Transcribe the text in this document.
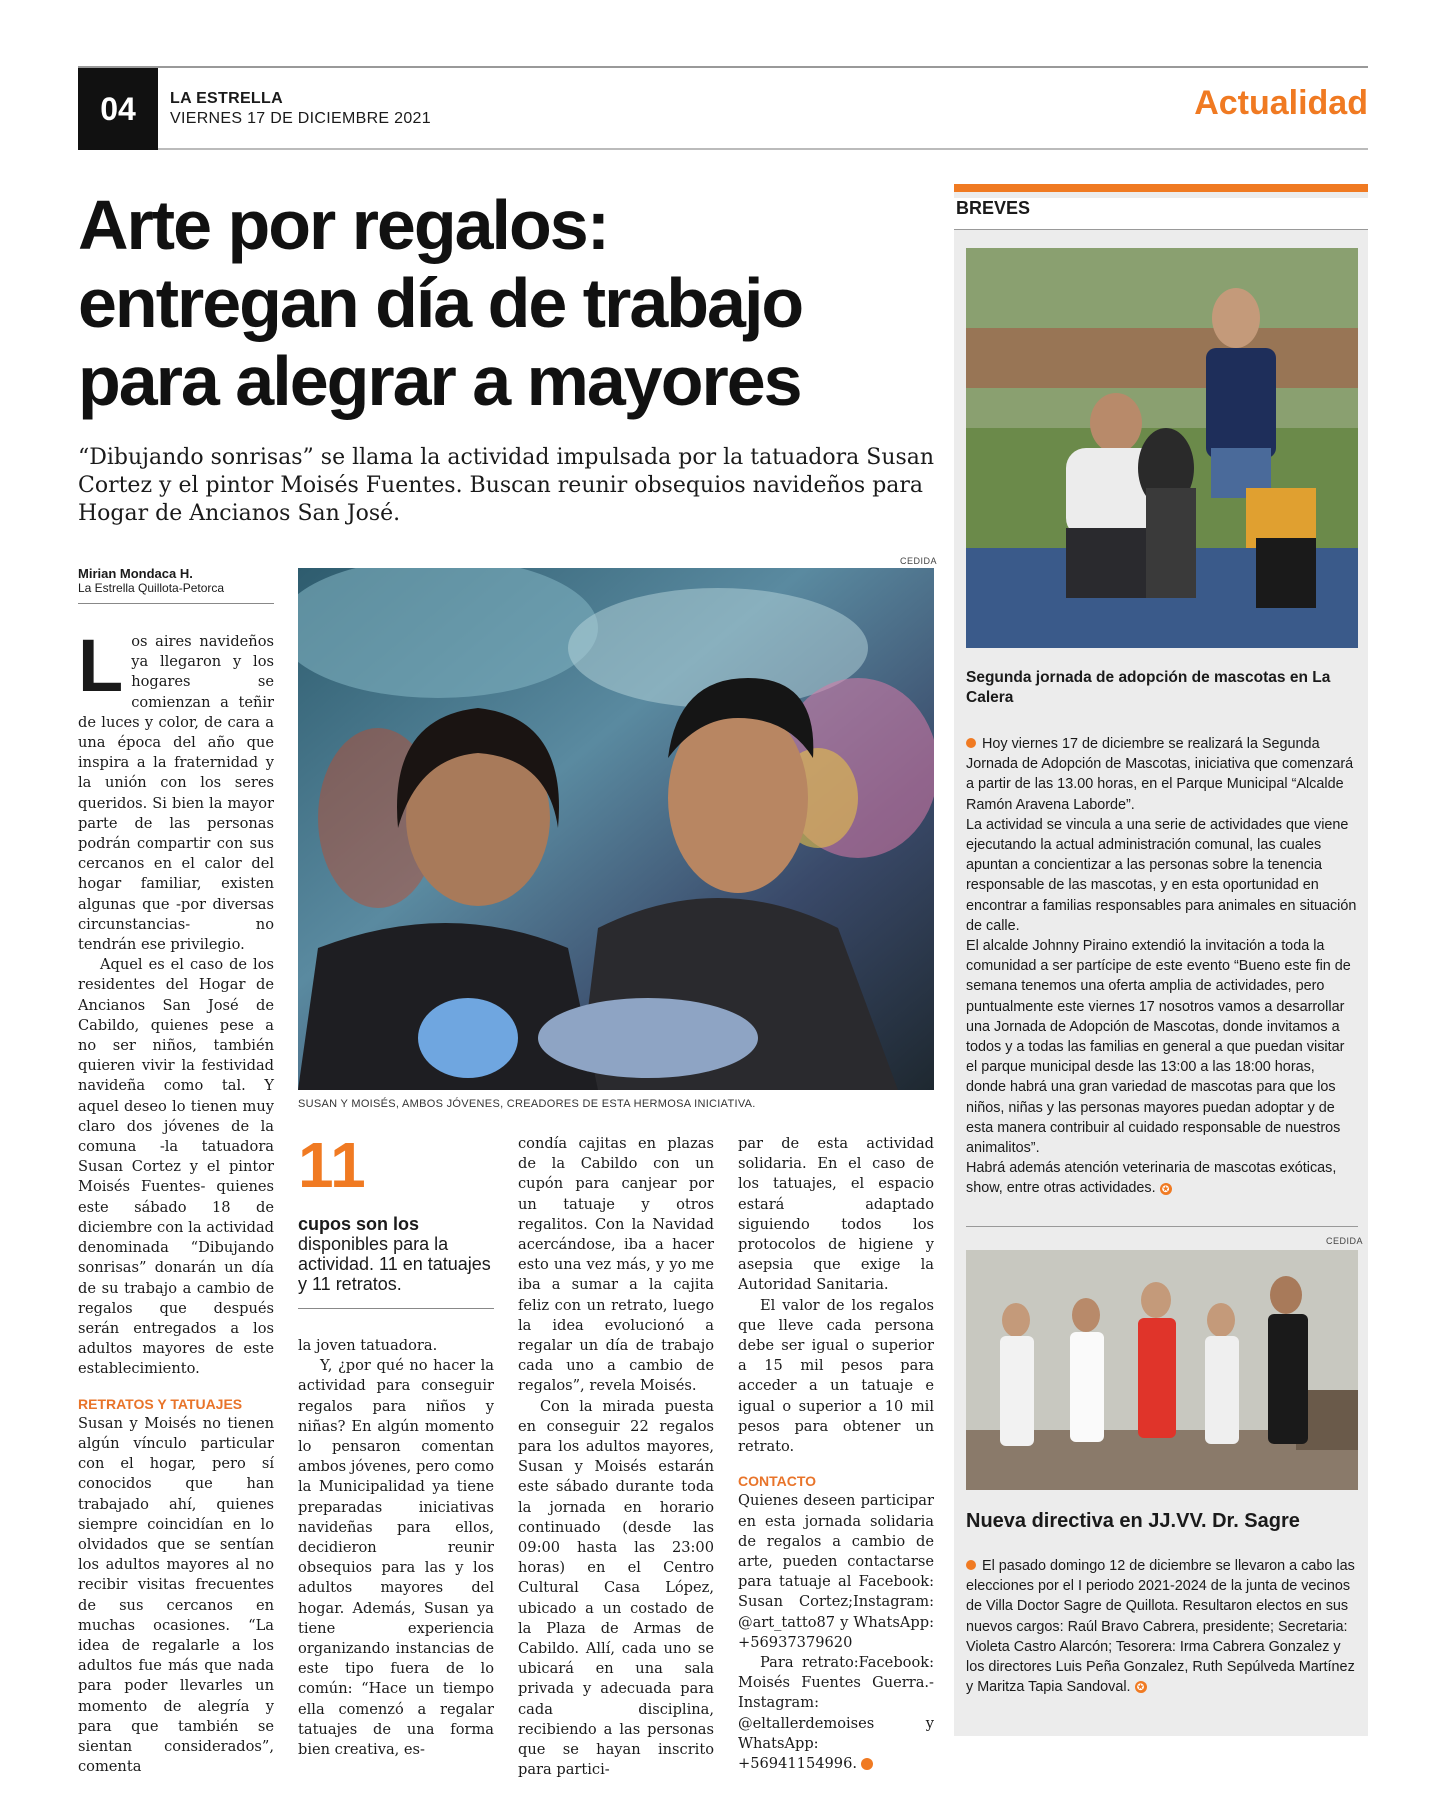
04	LA ESTRELLA
VIERNES 17 DE DICIEMBRE 2021	Actualidad
Arte por regalos:
entregan día de trabajo
para alegrar a mayores
“Dibujando sonrisas” se llama la actividad impulsada por la tatuadora Susan Cortez y el pintor Moisés Fuentes. Buscan reunir obsequios navideños para Hogar de Ancianos San José.
Mirian Mondaca H.
La Estrella Quillota-Petorca

Los aires navideños ya llegaron y los hogares se comienzan a teñir de luces y color, de cara a una época del año que inspira a la fraternidad y la unión con los seres queridos. Si bien la mayor parte de las personas podrán compartir con sus cercanos en el calor del hogar familiar, existen algunas que -por diversas circunstancias- no tendrán ese privilegio.

Aquel es el caso de los residentes del Hogar de Ancianos San José de Cabildo, quienes pese a no ser niños, también quieren vivir la festividad navideña como tal. Y aquel deseo lo tienen muy claro dos jóvenes de la comuna -la tatuadora Susan Cortez y el pintor Moisés Fuentes- quienes este sábado 18 de diciembre con la actividad denominada “Dibujando sonrisas” donarán un día de su trabajo a cambio de regalos que después serán entregados a los adultos mayores de este establecimiento.

RETRATOS Y TATUAJES

Susan y Moisés no tienen algún vínculo particular con el hogar, pero sí conocidos que han trabajado ahí, quienes siempre coincidían en lo olvidados que se sentían los adultos mayores al no recibir visitas frecuentes de sus cercanos en muchas ocasiones. “La idea de regalarle a los adultos fue más que nada para poder llevarles un momento de alegría y para que también se sientan considerados”, comenta

CEDIDA
SUSAN Y MOISÉS, AMBOS JÓVENES, CREADORES DE ESTA HERMOSA INICIATIVA.
11
cupos son los disponibles para la actividad. 11 en tatuajes y 11 retratos.

la joven tatuadora.

Y, ¿por qué no hacer la actividad para conseguir regalos para niños y niñas? En algún momento lo pensaron comentan ambos jóvenes, pero como la Municipalidad ya tiene preparadas iniciativas navideñas para ellos, decidieron reunir obsequios para las y los adultos mayores del hogar. Además, Susan ya tiene experiencia organizando instancias de este tipo fuera de lo común: “Hace un tiempo ella comenzó a regalar tatuajes de una forma bien creativa, es-

condía cajitas en plazas de la Cabildo con un cupón para canjear por un tatuaje y otros regalitos. Con la Navidad acercándose, iba a hacer esto una vez más, y yo me iba a sumar a la cajita feliz con un retrato, luego la idea evolucionó a regalar un día de trabajo cada uno a cambio de regalos”, revela Moisés.

Con la mirada puesta en conseguir 22 regalos para los adultos mayores, Susan y Moisés estarán este sábado durante toda la jornada en horario continuado (desde las 09:00 hasta las 23:00 horas) en el Centro Cultural Casa López, ubicado a un costado de la Plaza de Armas de Cabildo. Allí, cada uno se ubicará en una sala privada y adecuada para cada disciplina, recibiendo a las personas que se hayan inscrito para partici-

par de esta actividad solidaria. En el caso de los tatuajes, el espacio estará adaptado siguiendo todos los protocolos de higiene y asepsia que exige la Autoridad Sanitaria.

El valor de los regalos que lleve cada persona debe ser igual o superior a 15 mil pesos para acceder a un tatuaje e igual o superior a 10 mil pesos para obtener un retrato.

CONTACTO

Quienes deseen participar en esta jornada solidaria de regalos a cambio de arte, pueden contactarse para tatuaje al Facebook: Susan Cortez;Instagram: @art_tatto87 y WhatsApp: +56937379620

Para retrato:Facebook: Moisés Fuentes Guerra.- Instagram: @eltallerdemoises y WhatsApp: +56941154996.	✪

BREVES
Segunda jornada de adopción de mascotas en La Calera
Hoy viernes 17 de diciembre se realizará la Segunda Jornada de Adopción de Mascotas, iniciativa que comenzará a partir de las 13.00 horas, en el Parque Municipal “Alcalde Ramón Aravena Laborde”.
La actividad se vincula a una serie de actividades que viene ejecutando la actual administración comunal, las cuales apuntan a concientizar a las personas sobre la tenencia responsable de las mascotas, y en esta oportunidad en encontrar a familias responsables para animales en situación de calle.
El alcalde Johnny Piraino extendió la invitación a toda la comunidad a ser partícipe de este evento “Bueno este fin de semana tenemos una oferta amplia de actividades, pero puntualmente este viernes 17 nosotros vamos a desarrollar una Jornada de Adopción de Mascotas, donde invitamos a todos y a todas las familias en general a que puedan visitar el parque municipal desde las 13:00 a las 18:00 horas, donde habrá una gran variedad de mascotas para que los niños, niñas y las personas mayores puedan adoptar y de esta manera contribuir al cuidado responsable de nuestros animalitos”.
Habrá además atención veterinaria de mascotas exóticas, show, entre otras actividades. ✪
CEDIDA
Nueva directiva en JJ.VV. Dr. Sagre
El pasado domingo 12 de diciembre se llevaron a cabo las elecciones por el I periodo 2021-2024 de la junta de vecinos de Villa Doctor Sagre de Quillota. Resultaron electos en sus nuevos cargos: Raúl Bravo Cabrera, presidente; Secretaria: Violeta Castro Alarcón; Tesorera: Irma Cabrera Gonzalez y los directores Luis Peña Gonzalez, Ruth Sepúlveda Martínez y Maritza Tapia Sandoval. ✪
